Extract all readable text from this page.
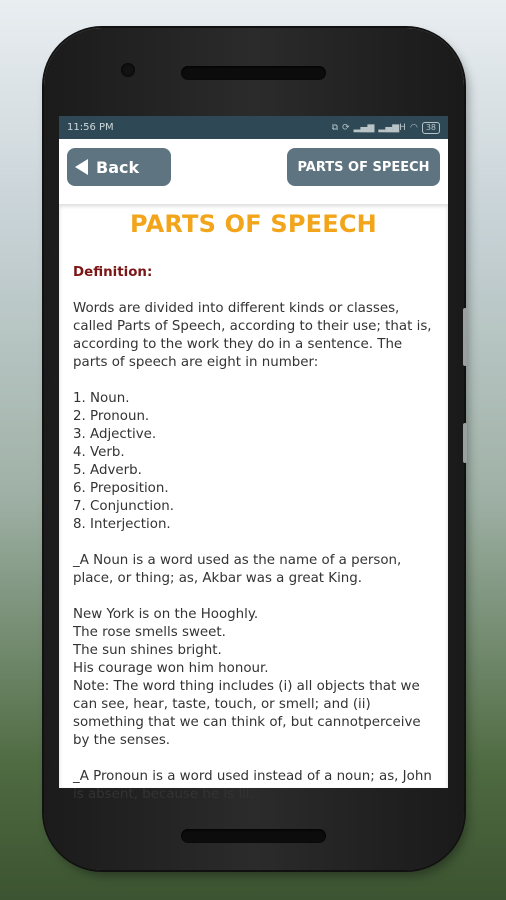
11:56 PM	⧉ ⟳ ▂▄▆ ▂▄▆H ◠	38
Back	PARTS OF SPEECH
PARTS OF SPEECH

Definition:

Words are divided into different kinds or classes, called Parts of Speech, according to their use; that is, according to the work they do in a sentence. The parts of speech are eight in number:

1. Noun.

2. Pronoun.

3. Adjective.

4. Verb.

5. Adverb.

6. Preposition.

7. Conjunction.

8. Interjection.

_A Noun is a word used as the name of a person, place, or thing; as, Akbar was a great King.

New York is on the Hooghly.

The rose smells sweet.

The sun shines bright.

His courage won him honour.

Note: The word thing includes (i) all objects that we can see, hear, taste, touch, or smell; and (ii) something that we can think of, but cannotperceive by the senses.

_A Pronoun is a word used instead of a noun; as, John is absent, because he is ill.
